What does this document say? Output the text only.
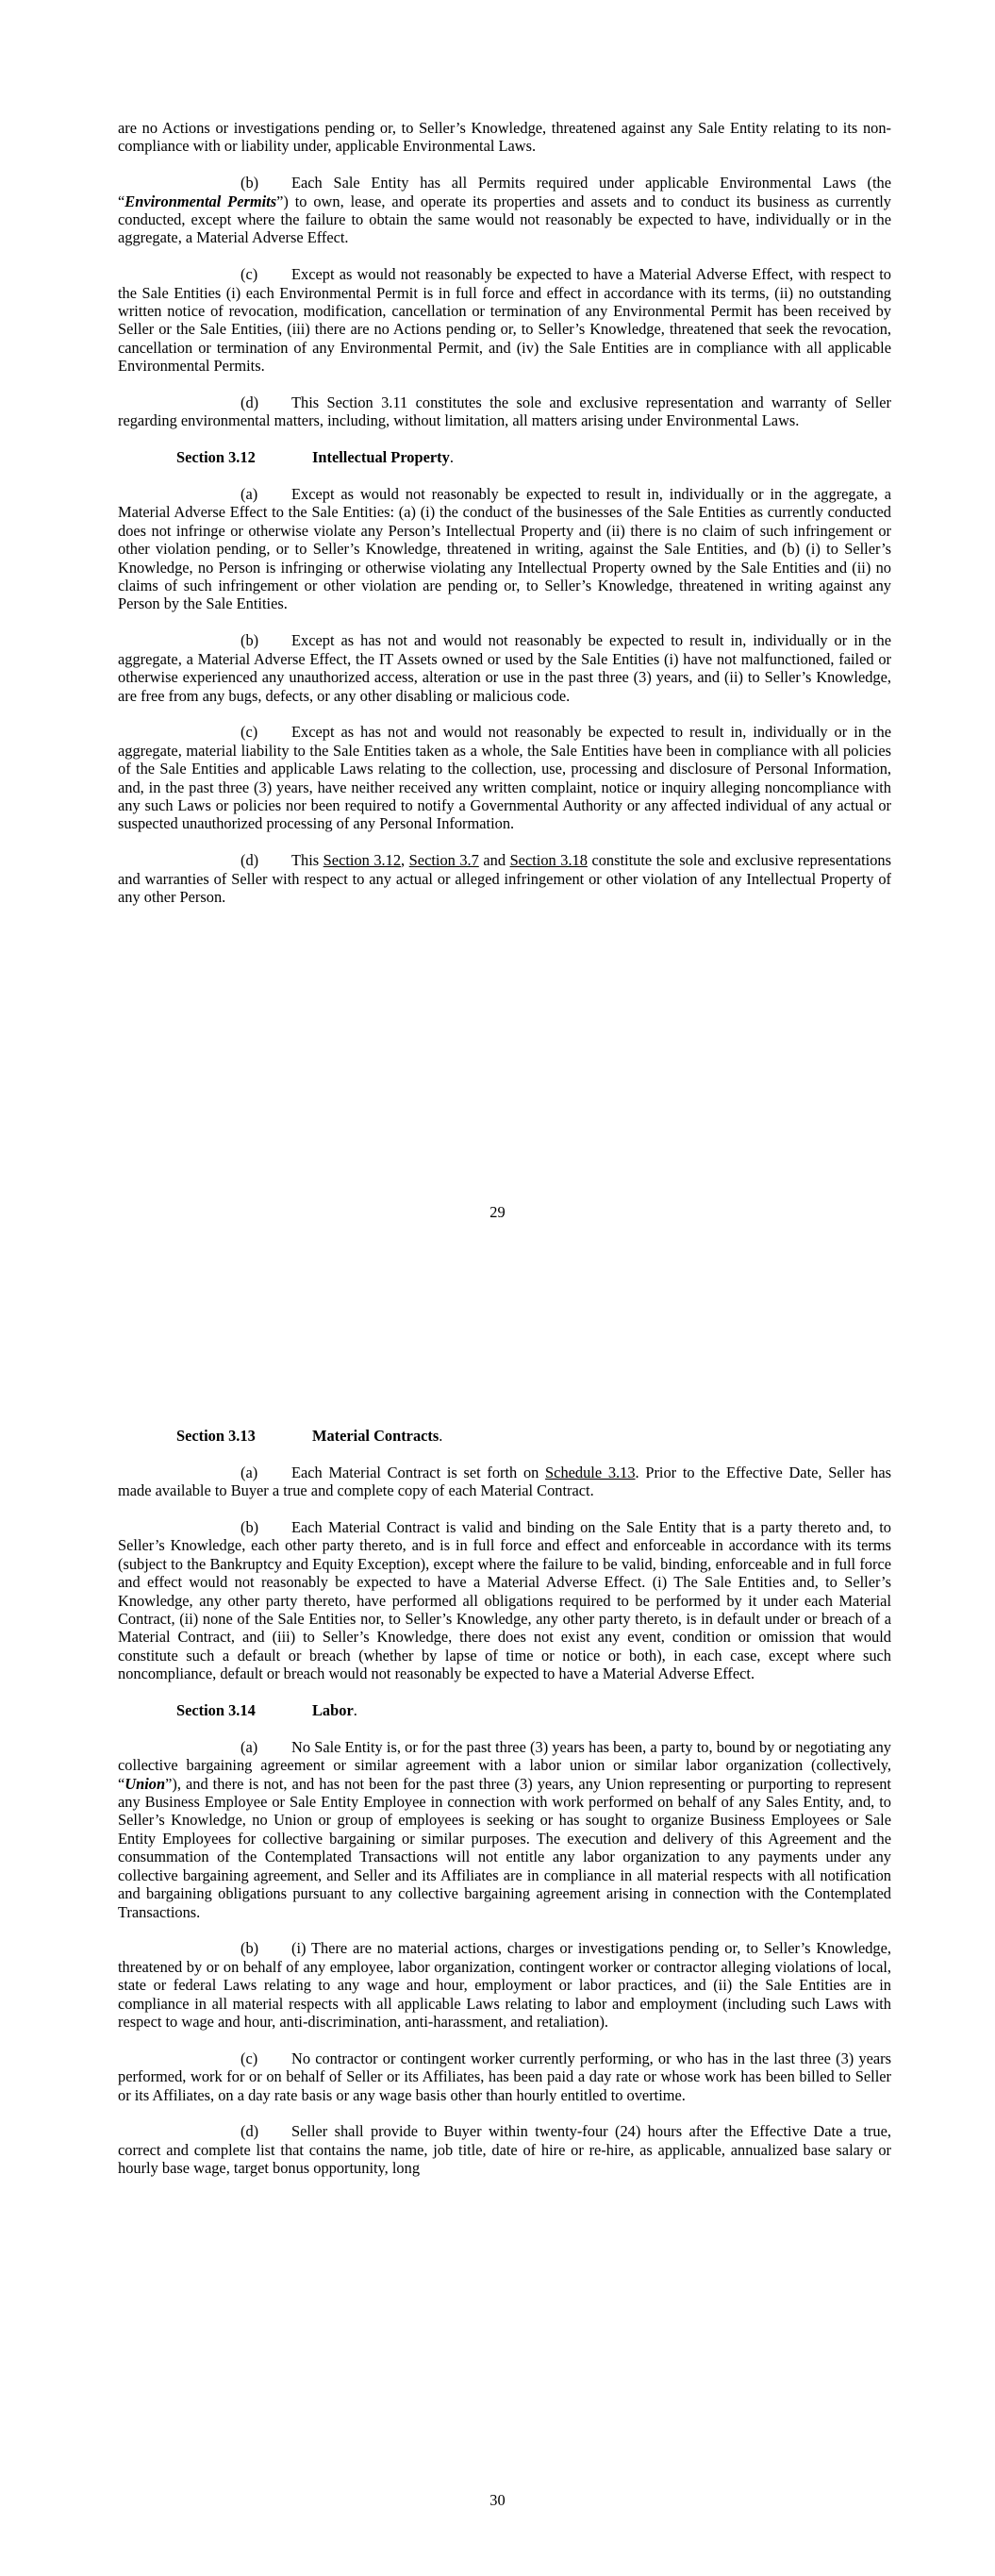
are no Actions or investigations pending or, to Seller’s Knowledge, threatened against any Sale Entity relating to its non-compliance with or liability under, applicable Environmental Laws.

(b) Each Sale Entity has all Permits required under applicable Environmental Laws (the “Environmental Permits”) to own, lease, and operate its properties and assets and to conduct its business as currently conducted, except where the failure to obtain the same would not reasonably be expected to have, individually or in the aggregate, a Material Adverse Effect.

(c) Except as would not reasonably be expected to have a Material Adverse Effect, with respect to the Sale Entities (i) each Environmental Permit is in full force and effect in accordance with its terms, (ii) no outstanding written notice of revocation, modification, cancellation or termination of any Environmental Permit has been received by Seller or the Sale Entities, (iii) there are no Actions pending or, to Seller’s Knowledge, threatened that seek the revocation, cancellation or termination of any Environmental Permit, and (iv) the Sale Entities are in compliance with all applicable Environmental Permits.

(d) This Section 3.11 constitutes the sole and exclusive representation and warranty of Seller regarding environmental matters, including, without limitation, all matters arising under Environmental Laws.

Section 3.12	Intellectual Property.

(a) Except as would not reasonably be expected to result in, individually or in the aggregate, a Material Adverse Effect to the Sale Entities: (a) (i) the conduct of the businesses of the Sale Entities as currently conducted does not infringe or otherwise violate any Person’s Intellectual Property and (ii) there is no claim of such infringement or other violation pending, or to Seller’s Knowledge, threatened in writing, against the Sale Entities, and (b) (i) to Seller’s Knowledge, no Person is infringing or otherwise violating any Intellectual Property owned by the Sale Entities and (ii) no claims of such infringement or other violation are pending or, to Seller’s Knowledge, threatened in writing against any Person by the Sale Entities.

(b) Except as has not and would not reasonably be expected to result in, individually or in the aggregate, a Material Adverse Effect, the IT Assets owned or used by the Sale Entities (i) have not malfunctioned, failed or otherwise experienced any unauthorized access, alteration or use in the past three (3) years, and (ii) to Seller’s Knowledge, are free from any bugs, defects, or any other disabling or malicious code.

(c) Except as has not and would not reasonably be expected to result in, individually or in the aggregate, material liability to the Sale Entities taken as a whole, the Sale Entities have been in compliance with all policies of the Sale Entities and applicable Laws relating to the collection, use, processing and disclosure of Personal Information, and, in the past three (3) years, have neither received any written complaint, notice or inquiry alleging noncompliance with any such Laws or policies nor been required to notify a Governmental Authority or any affected individual of any actual or suspected unauthorized processing of any Personal Information.

(d) This Section 3.12, Section 3.7 and Section 3.18 constitute the sole and exclusive representations and warranties of Seller with respect to any actual or alleged infringement or other violation of any Intellectual Property of any other Person.

29
Section 3.13	Material Contracts.

(a) Each Material Contract is set forth on Schedule 3.13. Prior to the Effective Date, Seller has made available to Buyer a true and complete copy of each Material Contract.

(b) Each Material Contract is valid and binding on the Sale Entity that is a party thereto and, to Seller’s Knowledge, each other party thereto, and is in full force and effect and enforceable in accordance with its terms (subject to the Bankruptcy and Equity Exception), except where the failure to be valid, binding, enforceable and in full force and effect would not reasonably be expected to have a Material Adverse Effect. (i) The Sale Entities and, to Seller’s Knowledge, any other party thereto, have performed all obligations required to be performed by it under each Material Contract, (ii) none of the Sale Entities nor, to Seller’s Knowledge, any other party thereto, is in default under or breach of a Material Contract, and (iii) to Seller’s Knowledge, there does not exist any event, condition or omission that would constitute such a default or breach (whether by lapse of time or notice or both), in each case, except where such noncompliance, default or breach would not reasonably be expected to have a Material Adverse Effect.

Section 3.14	Labor.

(a) No Sale Entity is, or for the past three (3) years has been, a party to, bound by or negotiating any collective bargaining agreement or similar agreement with a labor union or similar labor organization (collectively, “Union”), and there is not, and has not been for the past three (3) years, any Union representing or purporting to represent any Business Employee or Sale Entity Employee in connection with work performed on behalf of any Sales Entity, and, to Seller’s Knowledge, no Union or group of employees is seeking or has sought to organize Business Employees or Sale Entity Employees for collective bargaining or similar purposes. The execution and delivery of this Agreement and the consummation of the Contemplated Transactions will not entitle any labor organization to any payments under any collective bargaining agreement, and Seller and its Affiliates are in compliance in all material respects with all notification and bargaining obligations pursuant to any collective bargaining agreement arising in connection with the Contemplated Transactions.

(b) (i) There are no material actions, charges or investigations pending or, to Seller’s Knowledge, threatened by or on behalf of any employee, labor organization, contingent worker or contractor alleging violations of local, state or federal Laws relating to any wage and hour, employment or labor practices, and (ii) the Sale Entities are in compliance in all material respects with all applicable Laws relating to labor and employment (including such Laws with respect to wage and hour, anti-discrimination, anti-harassment, and retaliation).

(c) No contractor or contingent worker currently performing, or who has in the last three (3) years performed, work for or on behalf of Seller or its Affiliates, has been paid a day rate or whose work has been billed to Seller or its Affiliates, on a day rate basis or any wage basis other than hourly entitled to overtime.

(d) Seller shall provide to Buyer within twenty-four (24) hours after the Effective Date a true, correct and complete list that contains the name, job title, date of hire or re-hire, as applicable, annualized base salary or hourly base wage, target bonus opportunity, long

30
